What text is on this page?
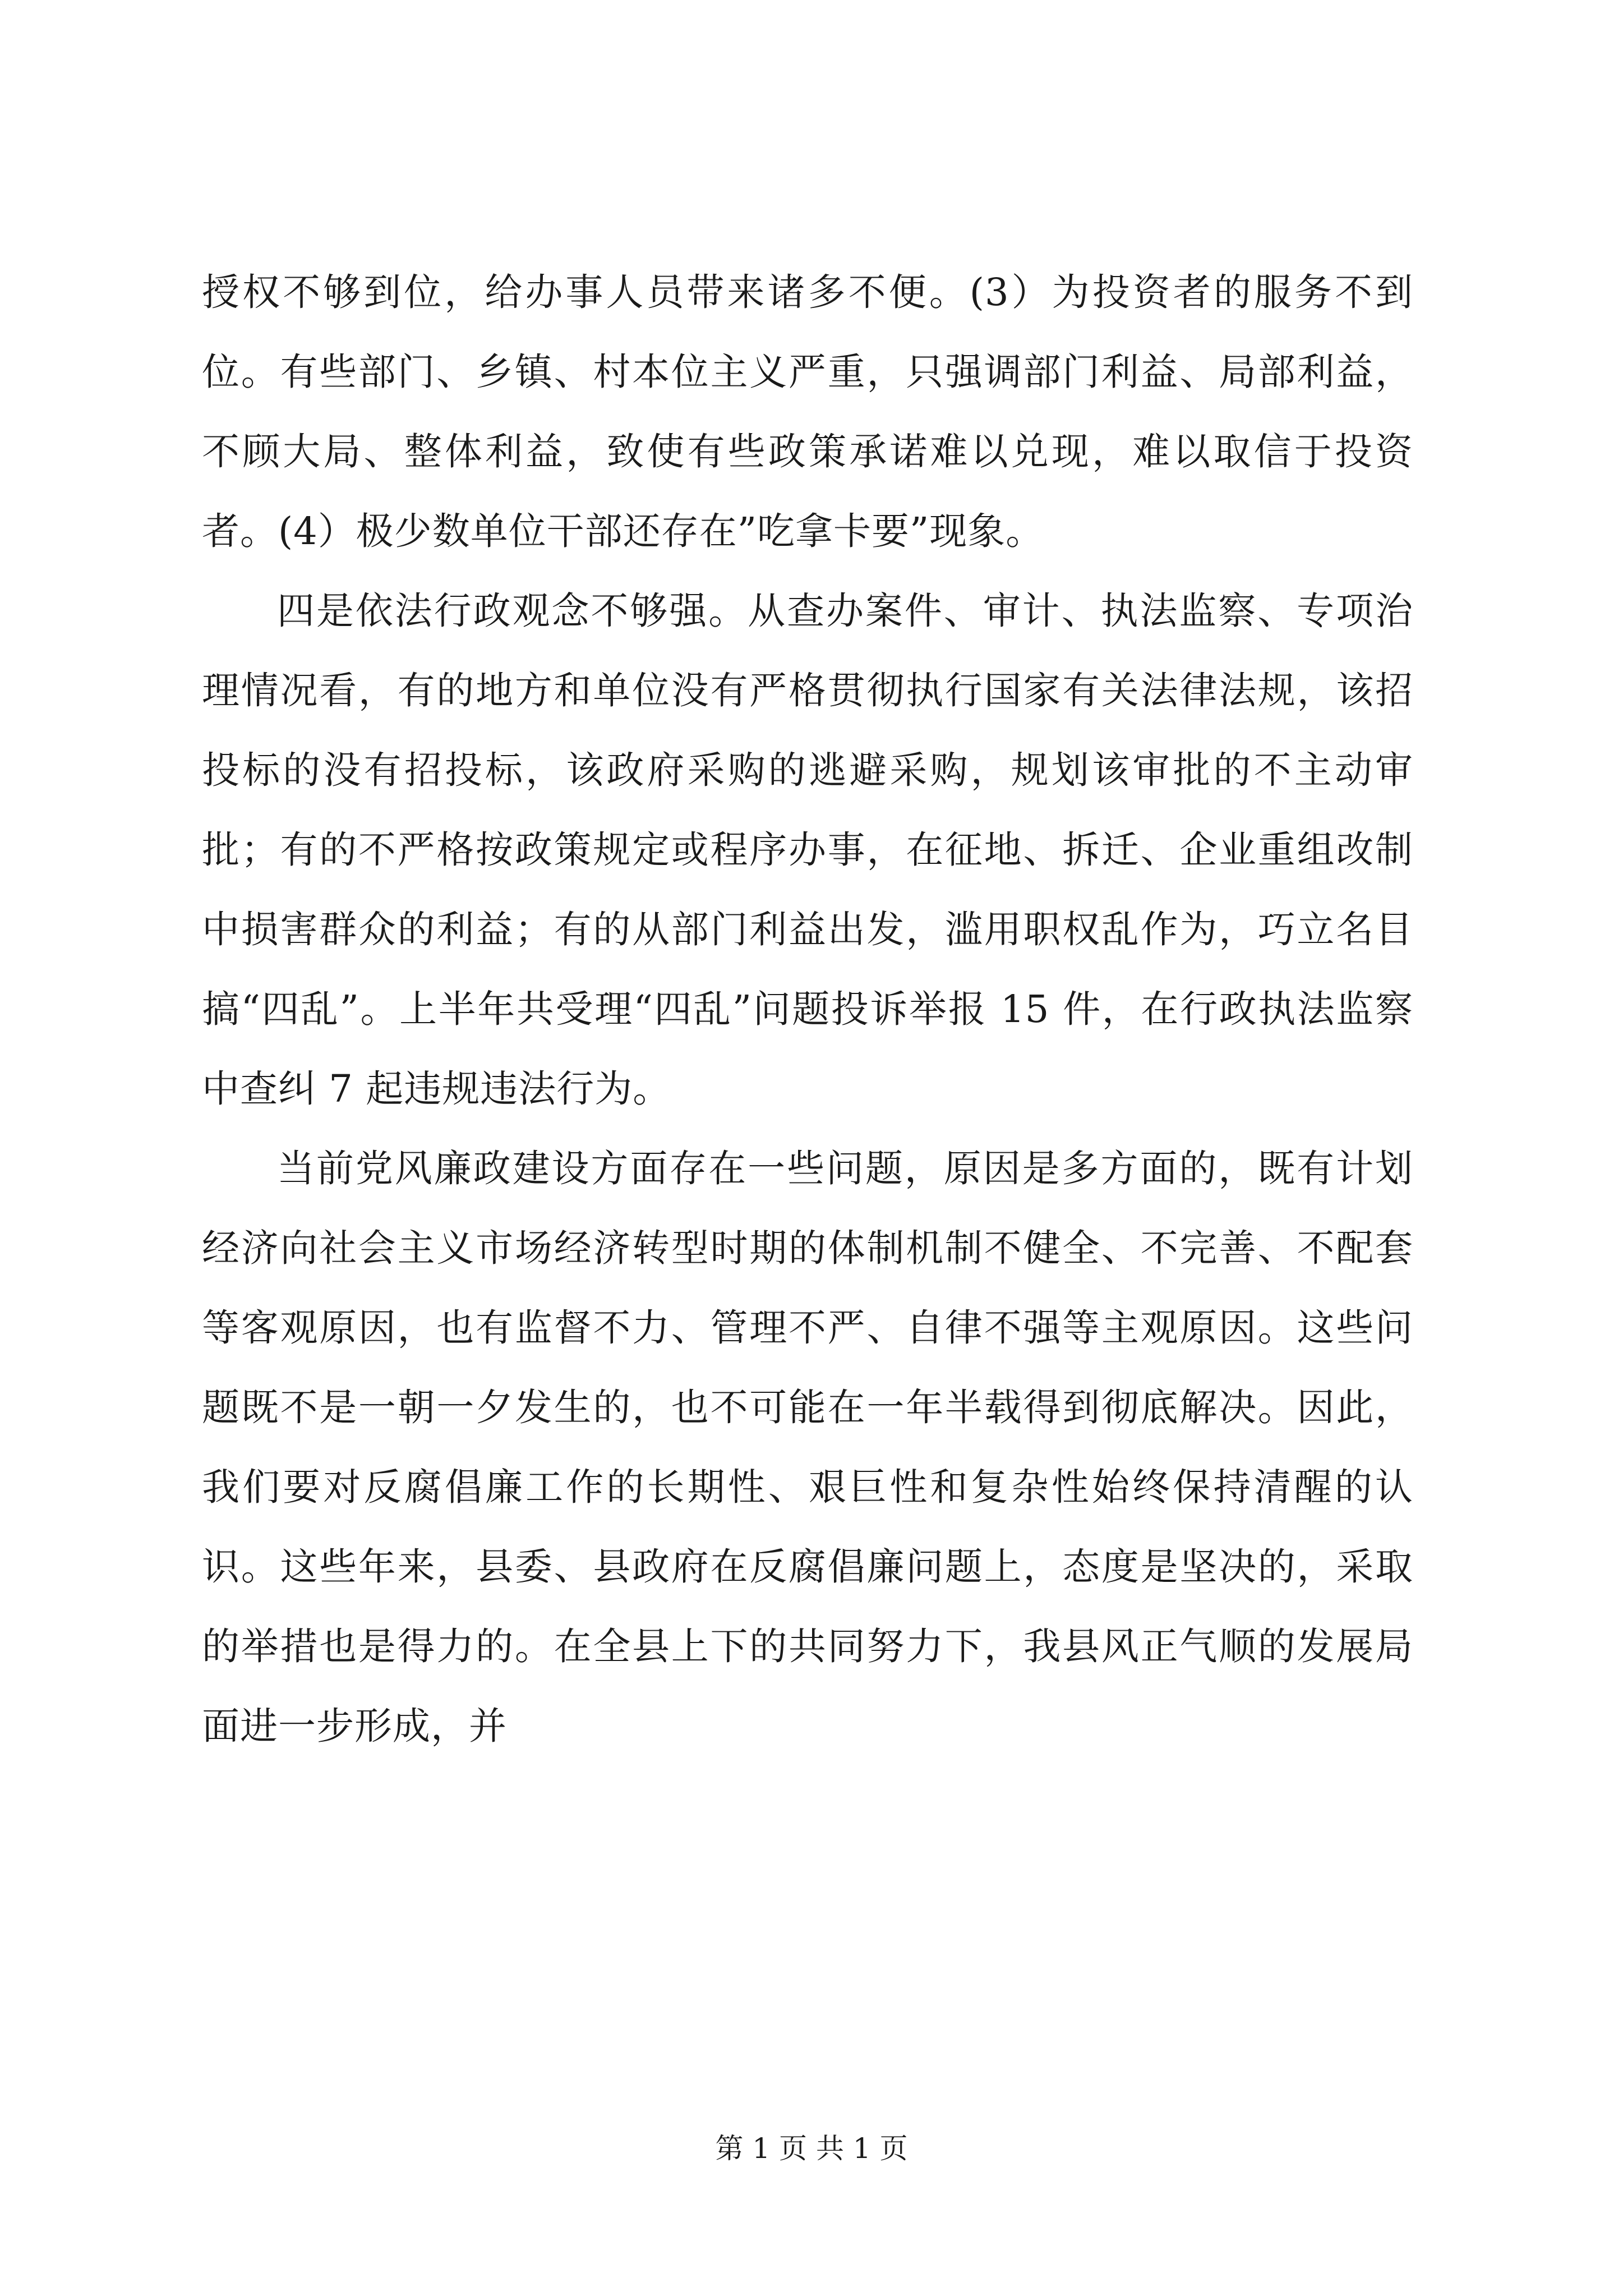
授权不够到位，给办事人员带来诸多不便。(3）为投资者的服务不到位。有些部门、乡镇、村本位主义严重，只强调部门利益、局部利益，不顾大局、整体利益，致使有些政策承诺难以兑现，难以取信于投资者。(4）极少数单位干部还存在”吃拿卡要”现象。

四是依法行政观念不够强。从查办案件、审计、执法监察、专项治理情况看，有的地方和单位没有严格贯彻执行国家有关法律法规，该招投标的没有招投标，该政府采购的逃避采购，规划该审批的不主动审批；有的不严格按政策规定或程序办事，在征地、拆迁、企业重组改制中损害群众的利益；有的从部门利益出发，滥用职权乱作为，巧立名目搞“四乱”。上半年共受理“四乱”问题投诉举报 15 件，在行政执法监察中查纠 7 起违规违法行为。

当前党风廉政建设方面存在一些问题，原因是多方面的，既有计划经济向社会主义市场经济转型时期的体制机制不健全、不完善、不配套等客观原因，也有监督不力、管理不严、自律不强等主观原因。这些问题既不是一朝一夕发生的，也不可能在一年半载得到彻底解决。因此，我们要对反腐倡廉工作的长期性、艰巨性和复杂性始终保持清醒的认识。这些年来，县委、县政府在反腐倡廉问题上，态度是坚决的，采取的举措也是得力的。在全县上下的共同努力下，我县风正气顺的发展局面进一步形成，并

第 1 页 共 1 页
